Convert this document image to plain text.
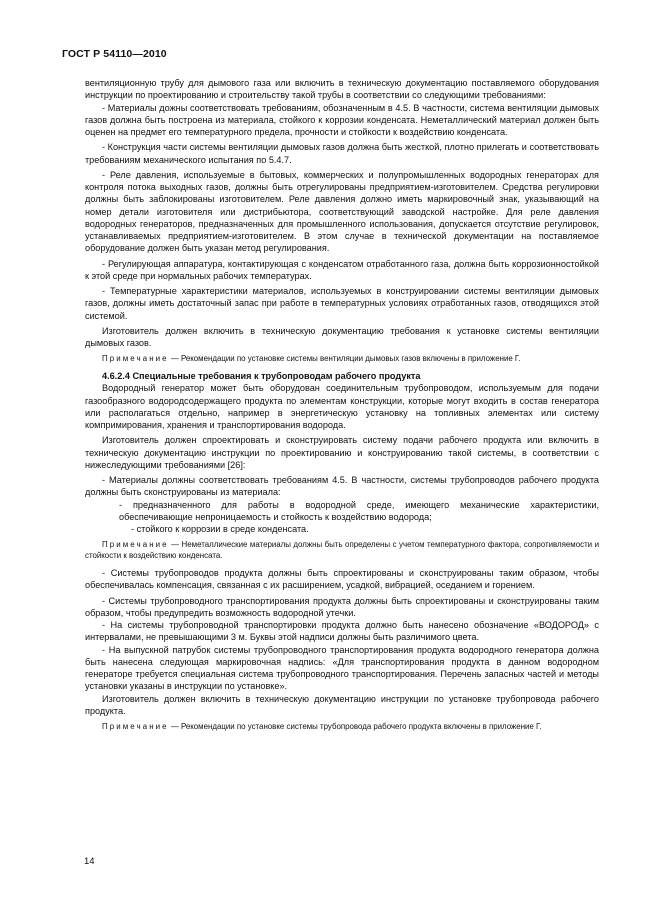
ГОСТ Р 54110—2010

вентиляционную трубу для дымового газа или включить в техническую документацию поставляемого оборудования инструкции по проектированию и строительству такой трубы в соответствии со следующими требованиями:

- Материалы дожны соответствовать требованиям, обозначенным в 4.5. В частности, система вентиляции дымовых газов должна быть построена из материала, стойкого к коррозии конденсата. Неметаллический материал должен быть оценен на предмет его температурного предела, прочности и стойкости к воздействию конденсата.

- Конструкция части системы вентиляции дымовых газов должна быть жесткой, плотно прилегать и соответствовать требованиям механического испытания по 5.4.7.

- Реле давления, используемые в бытовых, коммерческих и полупромышленных водородных генераторах для контроля потока выходных газов, должны быть отрегулированы предприятием-изготовителем. Средства регулировки должны быть заблокированы изготовителем. Реле давления должно иметь маркировочный знак, указывающий на номер детали изготовителя или дистрибьютора, соответствующий заводской настройке. Для реле давления водородных генераторов, предназначенных для промышленного использования, допускается отсутствие регулировок, устанавливаемых предприятием-изготовителем. В этом случае в технической документации на поставляемое оборудование должен быть указан метод регулирования.

- Регулирующая аппаратура, контактирующая с конденсатом отработанного газа, должна быть коррозионностойкой к этой среде при нормальных рабочих температурах.

- Температурные характеристики материалов, используемых в конструировании системы вентиляции дымовых газов, должны иметь достаточный запас при работе в температурных условиях отработанных газов, отводящихся этой системой.

Изготовитель должен включить в техническую документацию требования к установке системы вентиляции дымовых газов.

Примечание — Рекомендации по установке системы вентиляции дымовых газов включены в приложение Г.

4.6.2.4 Специальные требования к трубопроводам рабочего продукта

Водородный генератор может быть оборудован соединительным трубопроводом, используемым для подачи газообразного водородсодержащего продукта по элементам конструкции, которые могут входить в состав генератора или располагаться отдельно, например в энергетическую установку на топливных элементах или систему компримирования, хранения и транспортирования водорода.

Изготовитель должен спроектировать и сконструировать систему подачи рабочего продукта или включить в техническую документацию инструкции по проектированию и конструированию такой системы, в соответствии с нижеследующими требованиями [26]:

- Материалы должны соответствовать требованиям 4.5. В частности, системы трубопроводов рабочего продукта должны быть сконструированы из материала:

- предназначенного для работы в водородной среде, имеющего механические характеристики, обеспечивающие непроницаемость и стойкость к воздействию водорода;

- стойкого к коррозии в среде конденсата.

Примечание — Неметаллические материалы должны быть определены с учетом температурного фактора, сопротивляемости и стойкости к воздействию конденсата.

- Системы трубопроводов продукта должны быть спроектированы и сконструированы таким образом, чтобы обеспечивалась компенсация, связанная с их расширением, усадкой, вибрацией, оседанием и горением.

- Системы трубопроводного транспортирования продукта должны быть спроектированы и сконструированы таким образом, чтобы предупредить возможность водородной утечки.

- На системы трубопроводной транспортировки продукта должно быть нанесено обозначение «ВОДОРОД» с интервалами, не превышающими 3 м. Буквы этой надписи должны быть различимого цвета.

- На выпускной патрубок системы трубопроводного транспортирования продукта водородного генератора должна быть нанесена следующая маркировочная надпись: «Для транспортирования продукта в данном водородном генераторе требуется специальная система трубопроводного транспортирования. Перечень запасных частей и методы установки указаны в инструкции по установке».

Изготовитель должен включить в техническую документацию инструкции по установке трубопровода рабочего продукта.

Примечание — Рекомендации по установке системы трубопровода рабочего продукта включены в приложение Г.

14
